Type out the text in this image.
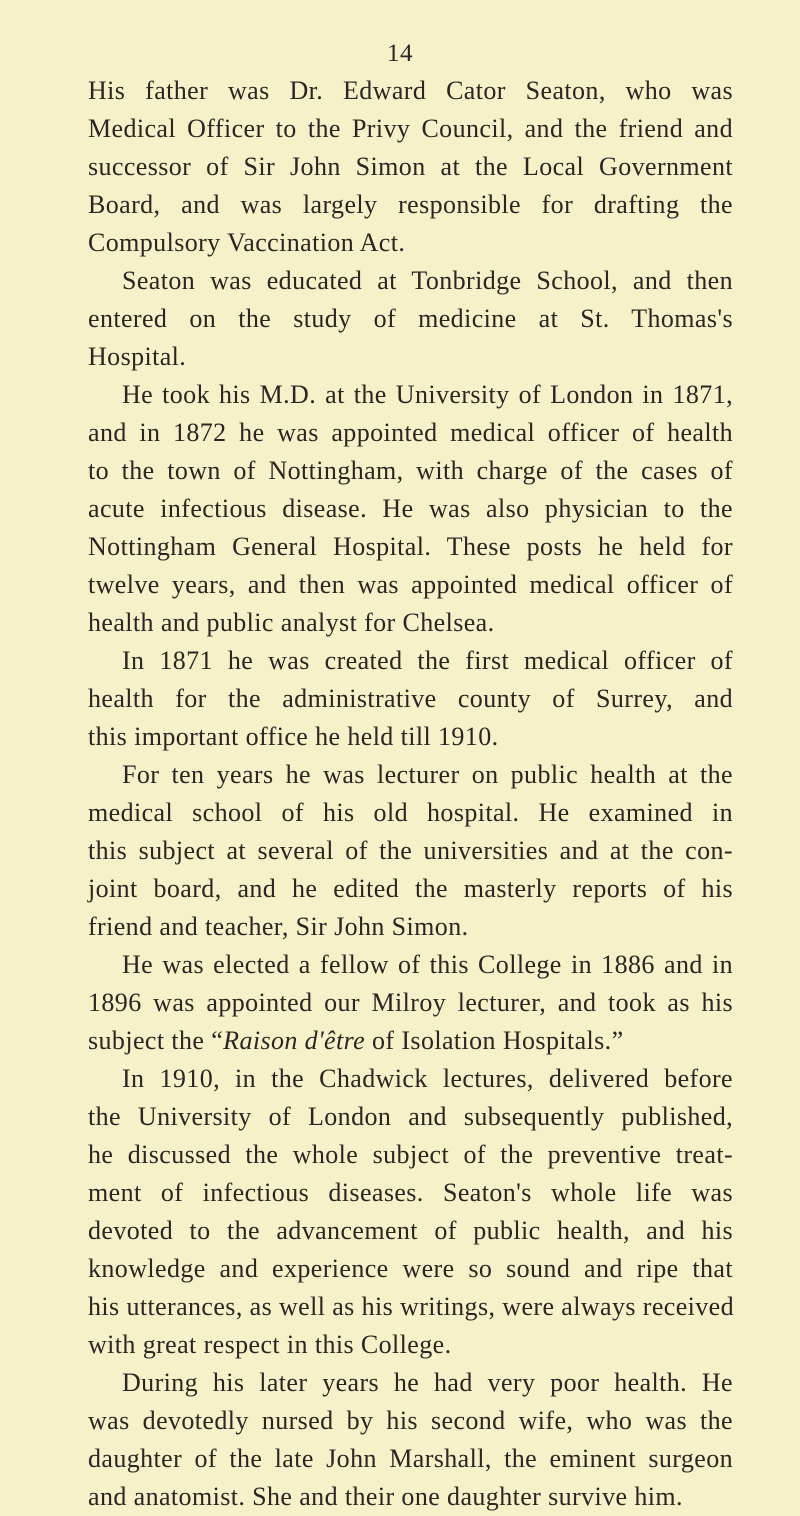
14
His father was Dr. Edward Cator Seaton, who was
Medical Officer to the Privy Council, and the friend and
successor of Sir John Simon at the Local Government
Board, and was largely responsible for drafting the
Compulsory Vaccination Act.
Seaton was educated at Tonbridge School, and then
entered on the study of medicine at St. Thomas's
Hospital.
He took his M.D. at the University of London in 1871,
and in 1872 he was appointed medical officer of health
to the town of Nottingham, with charge of the cases of
acute infectious disease. He was also physician to the
Nottingham General Hospital. These posts he held for
twelve years, and then was appointed medical officer of
health and public analyst for Chelsea.
In 1871 he was created the first medical officer of
health for the administrative county of Surrey, and
this important office he held till 1910.
For ten years he was lecturer on public health at the
medical school of his old hospital. He examined in
this subject at several of the universities and at the con-
joint board, and he edited the masterly reports of his
friend and teacher, Sir John Simon.
He was elected a fellow of this College in 1886 and in
1896 was appointed our Milroy lecturer, and took as his
subject the “Raison d'être of Isolation Hospitals.”
In 1910, in the Chadwick lectures, delivered before
the University of London and subsequently published,
he discussed the whole subject of the preventive treat-
ment of infectious diseases. Seaton's whole life was
devoted to the advancement of public health, and his
knowledge and experience were so sound and ripe that
his utterances, as well as his writings, were always received
with great respect in this College.
During his later years he had very poor health. He
was devotedly nursed by his second wife, who was the
daughter of the late John Marshall, the eminent surgeon
and anatomist. She and their one daughter survive him.
